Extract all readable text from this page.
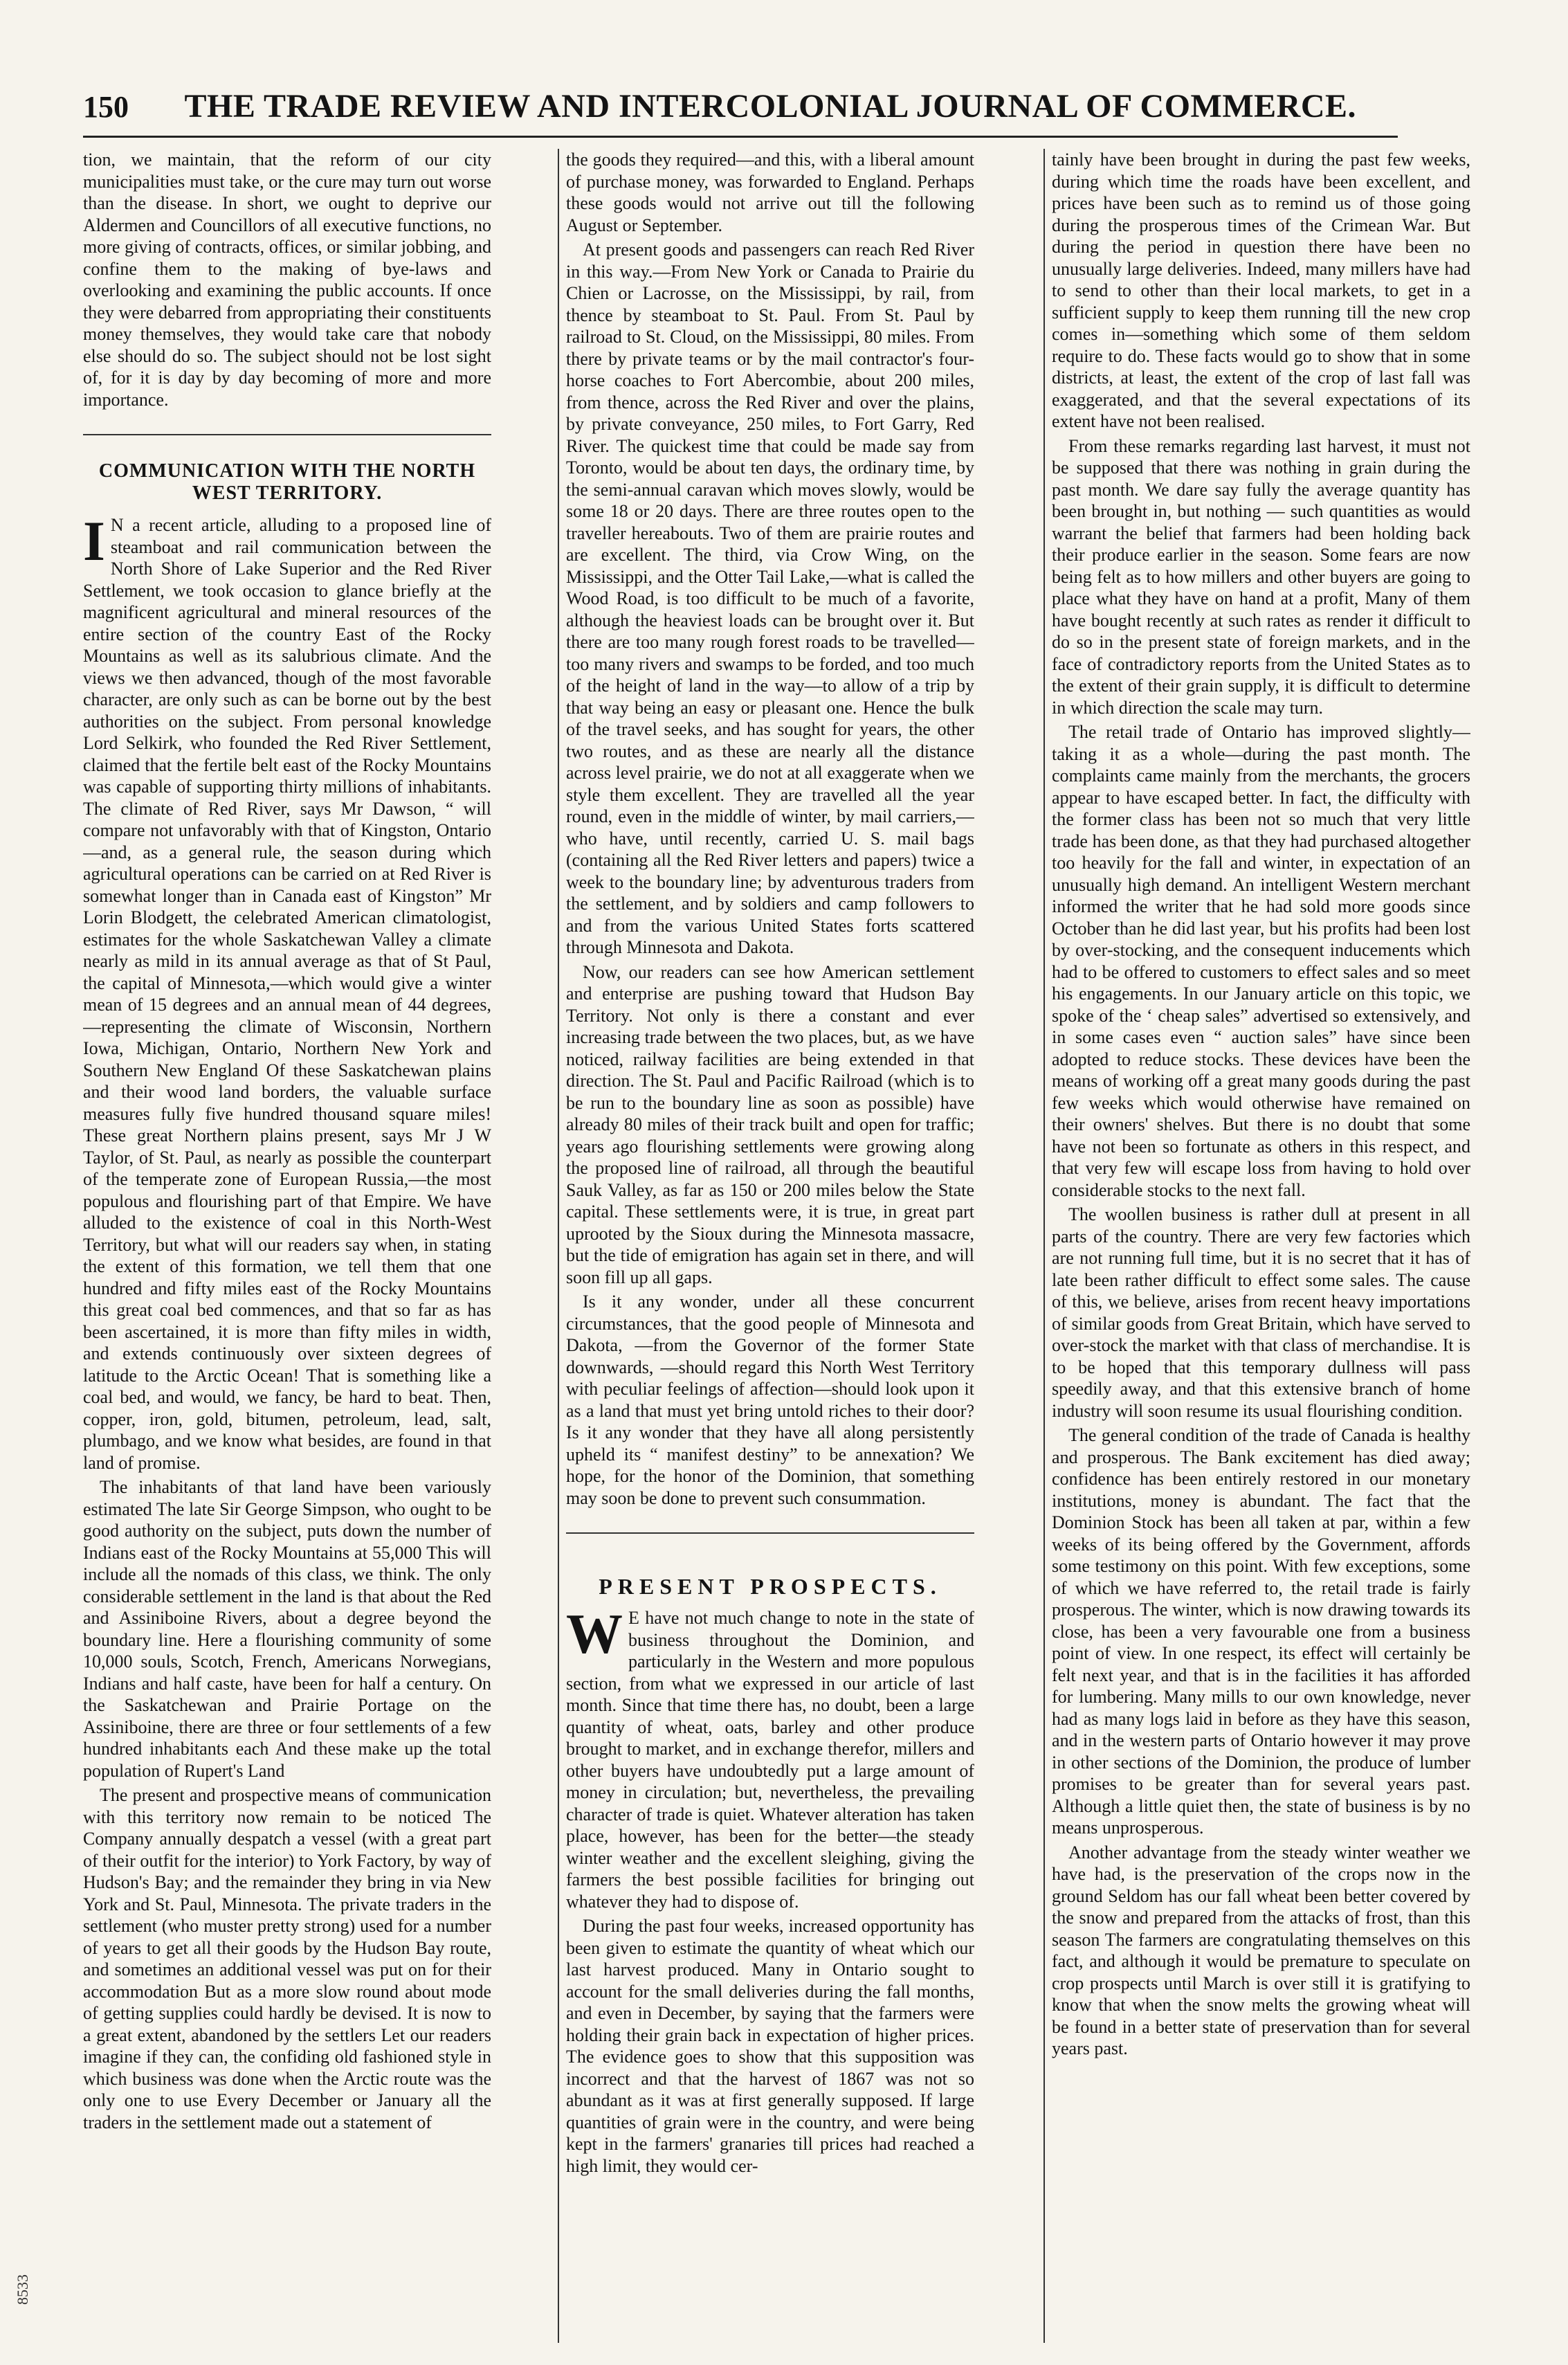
150	THE TRADE REVIEW AND INTERCOLONIAL JOURNAL OF COMMERCE.

tion, we maintain, that the reform of our city municipalities must take, or the cure may turn out worse than the disease. In short, we ought to deprive our Aldermen and Councillors of all executive functions, no more giving of contracts, offices, or similar jobbing, and confine them to the making of bye-laws and overlooking and examining the public accounts. If once they were debarred from appropriating their constituents money themselves, they would take care that nobody else should do so. The subject should not be lost sight of, for it is day by day becoming of more and more importance.

COMMUNICATION WITH THE NORTH WEST TERRITORY.

I N a recent article, alluding to a proposed line of steamboat and rail communication between the North Shore of Lake Superior and the Red River Settlement, we took occasion to glance briefly at the magnificent agricultural and mineral resources of the entire section of the country East of the Rocky Mountains as well as its salubrious climate. And the views we then advanced, though of the most favorable character, are only such as can be borne out by the best authorities on the subject. From personal knowledge Lord Selkirk, who founded the Red River Settlement, claimed that the fertile belt east of the Rocky Mountains was capable of supporting thirty millions of inhabitants. The climate of Red River, says Mr Dawson, “ will compare not unfavorably with that of Kingston, Ontario—and, as a general rule, the season during which agricultural operations can be carried on at Red River is somewhat longer than in Canada east of Kingston” Mr Lorin Blodgett, the celebrated American climatologist, estimates for the whole Saskatchewan Valley a climate nearly as mild in its annual average as that of St Paul, the capital of Minnesota,—which would give a winter mean of 15 degrees and an annual mean of 44 degrees,—representing the climate of Wisconsin, Northern Iowa, Michigan, Ontario, Northern New York and Southern New England Of these Saskatchewan plains and their wood land borders, the valuable surface measures fully five hundred thousand square miles! These great Northern plains present, says Mr J W Taylor, of St. Paul, as nearly as possible the counterpart of the temperate zone of European Russia,—the most populous and flourishing part of that Empire. We have alluded to the existence of coal in this North-West Territory, but what will our readers say when, in stating the extent of this formation, we tell them that one hundred and fifty miles east of the Rocky Mountains this great coal bed commences, and that so far as has been ascertained, it is more than fifty miles in width, and extends continuously over sixteen degrees of latitude to the Arctic Ocean! That is something like a coal bed, and would, we fancy, be hard to beat. Then, copper, iron, gold, bitumen, petroleum, lead, salt, plumbago, and we know what besides, are found in that land of promise.

The inhabitants of that land have been variously estimated The late Sir George Simpson, who ought to be good authority on the subject, puts down the number of Indians east of the Rocky Mountains at 55,000 This will include all the nomads of this class, we think. The only considerable settlement in the land is that about the Red and Assiniboine Rivers, about a degree beyond the boundary line. Here a flourishing community of some 10,000 souls, Scotch, French, Americans Norwegians, Indians and half caste, have been for half a century. On the Saskatchewan and Prairie Portage on the Assiniboine, there are three or four settlements of a few hundred inhabitants each And these make up the total population of Rupert's Land

The present and prospective means of communication with this territory now remain to be noticed The Company annually despatch a vessel (with a great part of their outfit for the interior) to York Factory, by way of Hudson's Bay; and the remainder they bring in via New York and St. Paul, Minnesota. The private traders in the settlement (who muster pretty strong) used for a number of years to get all their goods by the Hudson Bay route, and sometimes an additional vessel was put on for their accommodation But as a more slow round about mode of getting supplies could hardly be devised. It is now to a great extent, abandoned by the settlers Let our readers imagine if they can, the confiding old fashioned style in which business was done when the Arctic route was the only one to use Every December or January all the traders in the settlement made out a statement of

the goods they required—and this, with a liberal amount of purchase money, was forwarded to England. Perhaps these goods would not arrive out till the following August or September.

At present goods and passengers can reach Red River in this way.—From New York or Canada to Prairie du Chien or Lacrosse, on the Mississippi, by rail, from thence by steamboat to St. Paul. From St. Paul by railroad to St. Cloud, on the Mississippi, 80 miles. From there by private teams or by the mail contractor's four-horse coaches to Fort Abercombie, about 200 miles, from thence, across the Red River and over the plains, by private conveyance, 250 miles, to Fort Garry, Red River. The quickest time that could be made say from Toronto, would be about ten days, the ordinary time, by the semi-annual caravan which moves slowly, would be some 18 or 20 days. There are three routes open to the traveller hereabouts. Two of them are prairie routes and are excellent. The third, via Crow Wing, on the Mississippi, and the Otter Tail Lake,—what is called the Wood Road, is too difficult to be much of a favorite, although the heaviest loads can be brought over it. But there are too many rough forest roads to be travelled—too many rivers and swamps to be forded, and too much of the height of land in the way—to allow of a trip by that way being an easy or pleasant one. Hence the bulk of the travel seeks, and has sought for years, the other two routes, and as these are nearly all the distance across level prairie, we do not at all exaggerate when we style them excellent. They are travelled all the year round, even in the middle of winter, by mail carriers,—who have, until recently, carried U. S. mail bags (containing all the Red River letters and papers) twice a week to the boundary line; by adventurous traders from the settlement, and by soldiers and camp followers to and from the various United States forts scattered through Minnesota and Dakota.

Now, our readers can see how American settlement and enterprise are pushing toward that Hudson Bay Territory. Not only is there a constant and ever increasing trade between the two places, but, as we have noticed, railway facilities are being extended in that direction. The St. Paul and Pacific Railroad (which is to be run to the boundary line as soon as possible) have already 80 miles of their track built and open for traffic; years ago flourishing settlements were growing along the proposed line of railroad, all through the beautiful Sauk Valley, as far as 150 or 200 miles below the State capital. These settlements were, it is true, in great part uprooted by the Sioux during the Minnesota massacre, but the tide of emigration has again set in there, and will soon fill up all gaps.

Is it any wonder, under all these concurrent circumstances, that the good people of Minnesota and Dakota, —from the Governor of the former State downwards, —should regard this North West Territory with peculiar feelings of affection—should look upon it as a land that must yet bring untold riches to their door? Is it any wonder that they have all along persistently upheld its “ manifest destiny” to be annexation? We hope, for the honor of the Dominion, that something may soon be done to prevent such consummation.

PRESENT PROSPECTS.

W E have not much change to note in the state of business throughout the Dominion, and particularly in the Western and more populous section, from what we expressed in our article of last month. Since that time there has, no doubt, been a large quantity of wheat, oats, barley and other produce brought to market, and in exchange therefor, millers and other buyers have undoubtedly put a large amount of money in circulation; but, nevertheless, the prevailing character of trade is quiet. Whatever alteration has taken place, however, has been for the better—the steady winter weather and the excellent sleighing, giving the farmers the best possible facilities for bringing out whatever they had to dispose of.

During the past four weeks, increased opportunity has been given to estimate the quantity of wheat which our last harvest produced. Many in Ontario sought to account for the small deliveries during the fall months, and even in December, by saying that the farmers were holding their grain back in expectation of higher prices. The evidence goes to show that this supposition was incorrect and that the harvest of 1867 was not so abundant as it was at first generally supposed. If large quantities of grain were in the country, and were being kept in the farmers' granaries till prices had reached a high limit, they would cer-

tainly have been brought in during the past few weeks, during which time the roads have been excellent, and prices have been such as to remind us of those going during the prosperous times of the Crimean War. But during the period in question there have been no unusually large deliveries. Indeed, many millers have had to send to other than their local markets, to get in a sufficient supply to keep them running till the new crop comes in—something which some of them seldom require to do. These facts would go to show that in some districts, at least, the extent of the crop of last fall was exaggerated, and that the several expectations of its extent have not been realised.

From these remarks regarding last harvest, it must not be supposed that there was nothing in grain during the past month. We dare say fully the average quantity has been brought in, but nothing — such quantities as would warrant the belief that farmers had been holding back their produce earlier in the season. Some fears are now being felt as to how millers and other buyers are going to place what they have on hand at a profit, Many of them have bought recently at such rates as render it difficult to do so in the present state of foreign markets, and in the face of contradictory reports from the United States as to the extent of their grain supply, it is difficult to determine in which direction the scale may turn.

The retail trade of Ontario has improved slightly—taking it as a whole—during the past month. The complaints came mainly from the merchants, the grocers appear to have escaped better. In fact, the difficulty with the former class has been not so much that very little trade has been done, as that they had purchased altogether too heavily for the fall and winter, in expectation of an unusually high demand. An intelligent Western merchant informed the writer that he had sold more goods since October than he did last year, but his profits had been lost by over-stocking, and the consequent inducements which had to be offered to customers to effect sales and so meet his engagements. In our January article on this topic, we spoke of the ‘ cheap sales” advertised so extensively, and in some cases even “ auction sales” have since been adopted to reduce stocks. These devices have been the means of working off a great many goods during the past few weeks which would otherwise have remained on their owners' shelves. But there is no doubt that some have not been so fortunate as others in this respect, and that very few will escape loss from having to hold over considerable stocks to the next fall.

The woollen business is rather dull at present in all parts of the country. There are very few factories which are not running full time, but it is no secret that it has of late been rather difficult to effect some sales. The cause of this, we believe, arises from recent heavy importations of similar goods from Great Britain, which have served to over-stock the market with that class of merchandise. It is to be hoped that this temporary dullness will pass speedily away, and that this extensive branch of home industry will soon resume its usual flourishing condition.

The general condition of the trade of Canada is healthy and prosperous. The Bank excitement has died away; confidence has been entirely restored in our monetary institutions, money is abundant. The fact that the Dominion Stock has been all taken at par, within a few weeks of its being offered by the Government, affords some testimony on this point. With few exceptions, some of which we have referred to, the retail trade is fairly prosperous. The winter, which is now drawing towards its close, has been a very favourable one from a business point of view. In one respect, its effect will certainly be felt next year, and that is in the facilities it has afforded for lumbering. Many mills to our own knowledge, never had as many logs laid in before as they have this season, and in the western parts of Ontario however it may prove in other sections of the Dominion, the produce of lumber promises to be greater than for several years past. Although a little quiet then, the state of business is by no means unprosperous.

Another advantage from the steady winter weather we have had, is the preservation of the crops now in the ground Seldom has our fall wheat been better covered by the snow and prepared from the attacks of frost, than this season The farmers are congratulating themselves on this fact, and although it would be premature to speculate on crop prospects until March is over still it is gratifying to know that when the snow melts the growing wheat will be found in a better state of preservation than for several years past.

8533
